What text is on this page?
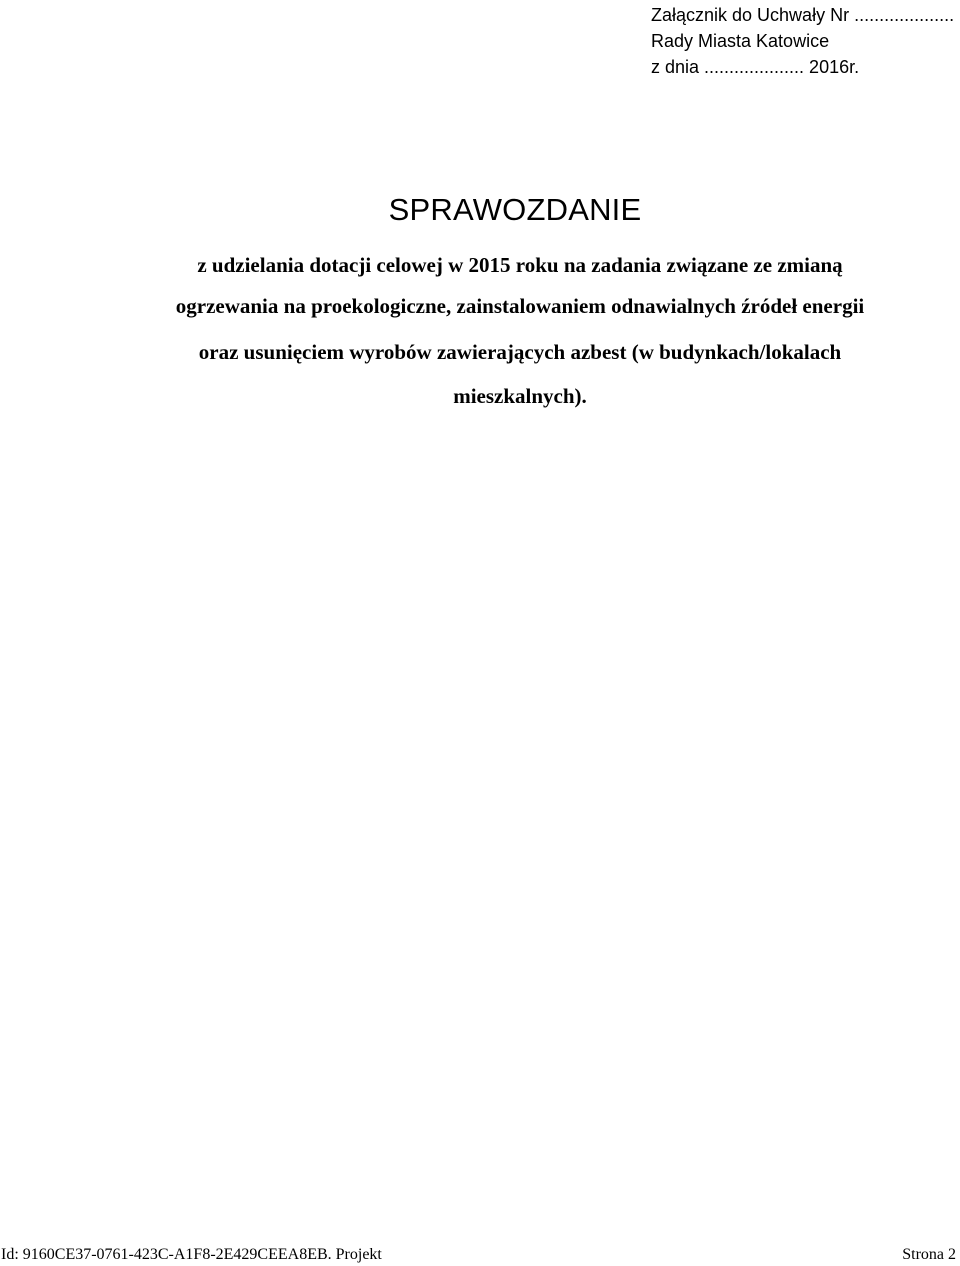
Załącznik do Uchwały Nr ....................
Rady Miasta Katowice
z dnia .................... 2016r.
SPRAWOZDANIE
z udzielania dotacji celowej w 2015 roku na zadania związane ze zmianą
ogrzewania na proekologiczne, zainstalowaniem odnawialnych źródeł energii
oraz usunięciem wyrobów zawierających azbest (w budynkach/lokalach
mieszkalnych).
Id: 9160CE37-0761-423C-A1F8-2E429CEEA8EB. Projekt	Strona 2
